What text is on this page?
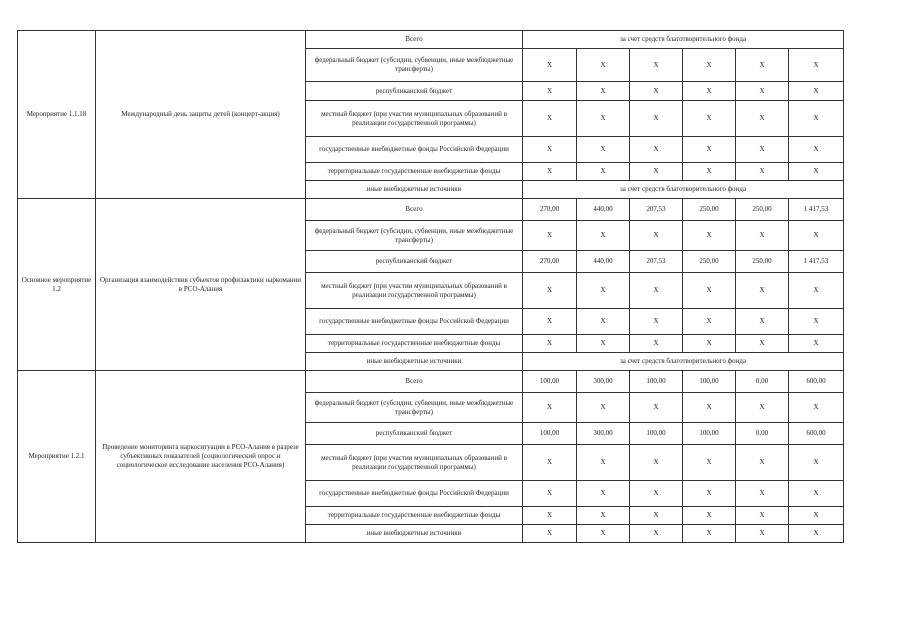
Мероприятие 1.1.18	Международный день защиты детей (концерт-акция)	Всего	за счет средств благотворительного фонда					
		федеральный бюджет (субсидии, субвенции, иные межбюджетные трансферты)	Х	Х	Х	Х	Х	Х
		республиканский бюджет	Х	Х	Х	Х	Х	Х
		местный бюджет (при участии муниципальных образований в реализации государственной программы)	Х	Х	Х	Х	Х	Х
		государственные внебюджетные фонды Российской Федерации	Х	Х	Х	Х	Х	Х
		территориальные государственные внебюджетные фонды	Х	Х	Х	Х	Х	Х
		иные внебюджетные источники	за счет средств благотворительного фонда					
Основное мероприятие 1.2	Организация взаимодействия субъектов профилактики наркомании в РСО-Алания	Всего	270,00	440,00	207,53	250,00	250,00	1 417,53
		федеральный бюджет (субсидии, субвенции, иные межбюджетные трансферты)	Х	Х	Х	Х	Х	Х
		республиканский бюджет	270,00	440,00	207,53	250,00	250,00	1 417,53
		местный бюджет (при участии муниципальных образований в реализации государственной программы)	Х	Х	Х	Х	Х	Х
		государственные внебюджетные фонды Российской Федерации	Х	Х	Х	Х	Х	Х
		территориальные государственные внебюджетные фонды	Х	Х	Х	Х	Х	Х
		иные внебюджетные источники	за счет средств благотворительного фонда					
Мероприятие 1.2.1	Проведение мониторинга наркоситуации в РСО-Алания в разрезе субъективных показателей (социологический опрос и социологическое исследование населения РСО-Алания)	Всего	100,00	300,00	100,00	100,00	0,00	600,00
		федеральный бюджет (субсидии, субвенции, иные межбюджетные трансферты)	Х	Х	Х	Х	Х	Х
		республиканский бюджет	100,00	300,00	100,00	100,00	0,00	600,00
		местный бюджет (при участии муниципальных образований в реализации государственной программы)	Х	Х	Х	Х	Х	Х
		государственные внебюджетные фонды Российской Федерации	Х	Х	Х	Х	Х	Х
		территориальные государственные внебюджетные фонды	Х	Х	Х	Х	Х	Х
		иные внебюджетные источники	Х	Х	Х	Х	Х	Х
